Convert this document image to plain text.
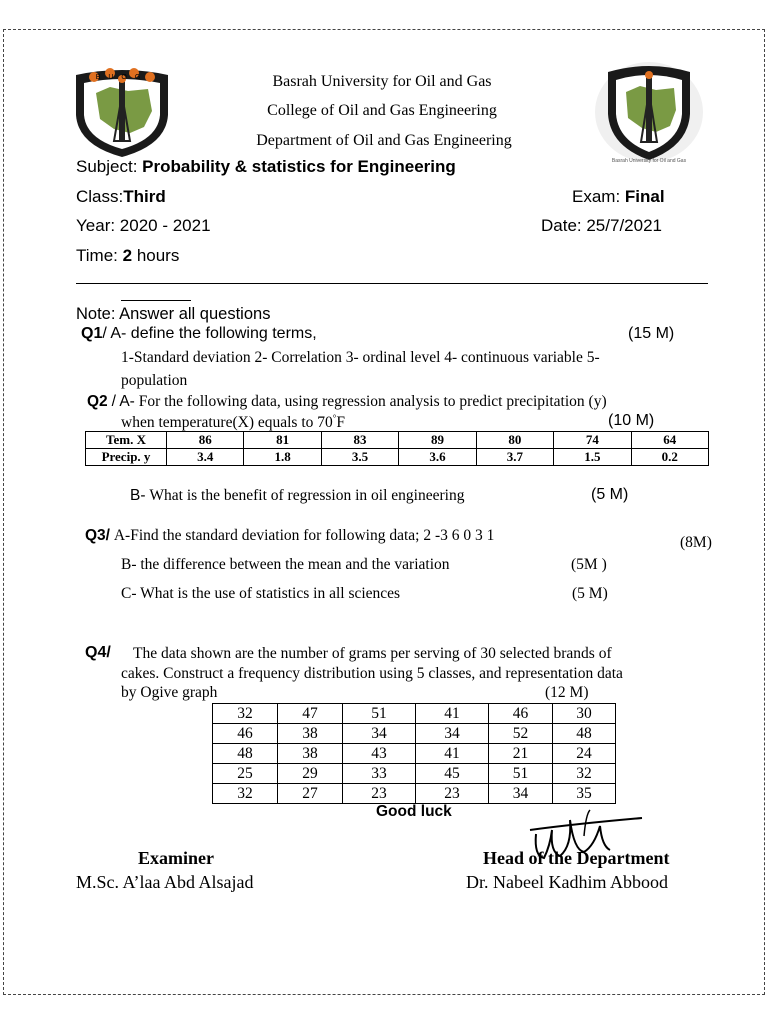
BUOG
Basrah University for Oil and Gas
Basrah University for Oil and Gas
College of Oil and Gas Engineering
Department of Oil and Gas Engineering
Subject: Probability & statistics for Engineering
Class:Third	Exam: Final
Year: 2020 - 2021	Date: 25/7/2021
Time: 2 hours
Note: Answer all questions
Q1/ A- define the following terms,	(15 M)
1-Standard deviation 2- Correlation 3- ordinal level 4- continuous variable 5-
population
Q2 / A- For the following data, using regression analysis to predict precipitation (y)
when temperature(X) equals to 70°F	(10 M)
Tem. X	86	81	83	89	80	74	64
Precip. y	3.4	1.8	3.5	3.6	3.7	1.5	0.2
B- What is the benefit of regression in oil engineering	(5 M)
Q3/ A-Find the standard deviation for following data; 2 -3 6 0 3 1	(8M)
B- the difference between the mean and the variation	(5M )
C- What is the use of statistics in all sciences	(5 M)
Q4/ The data shown are the number of grams per serving of 30 selected brands of
cakes. Construct a frequency distribution using 5 classes, and representation data
by Ogive graph	(12 M)
32	47	51	41	46	30
46	38	34	34	52	48
48	38	43	41	21	24
25	29	33	45	51	32
32	27	23	23	34	35
Good luck
Examiner
M.Sc. A’laa Abd Alsajad
Head of the Department
Dr. Nabeel Kadhim Abbood
